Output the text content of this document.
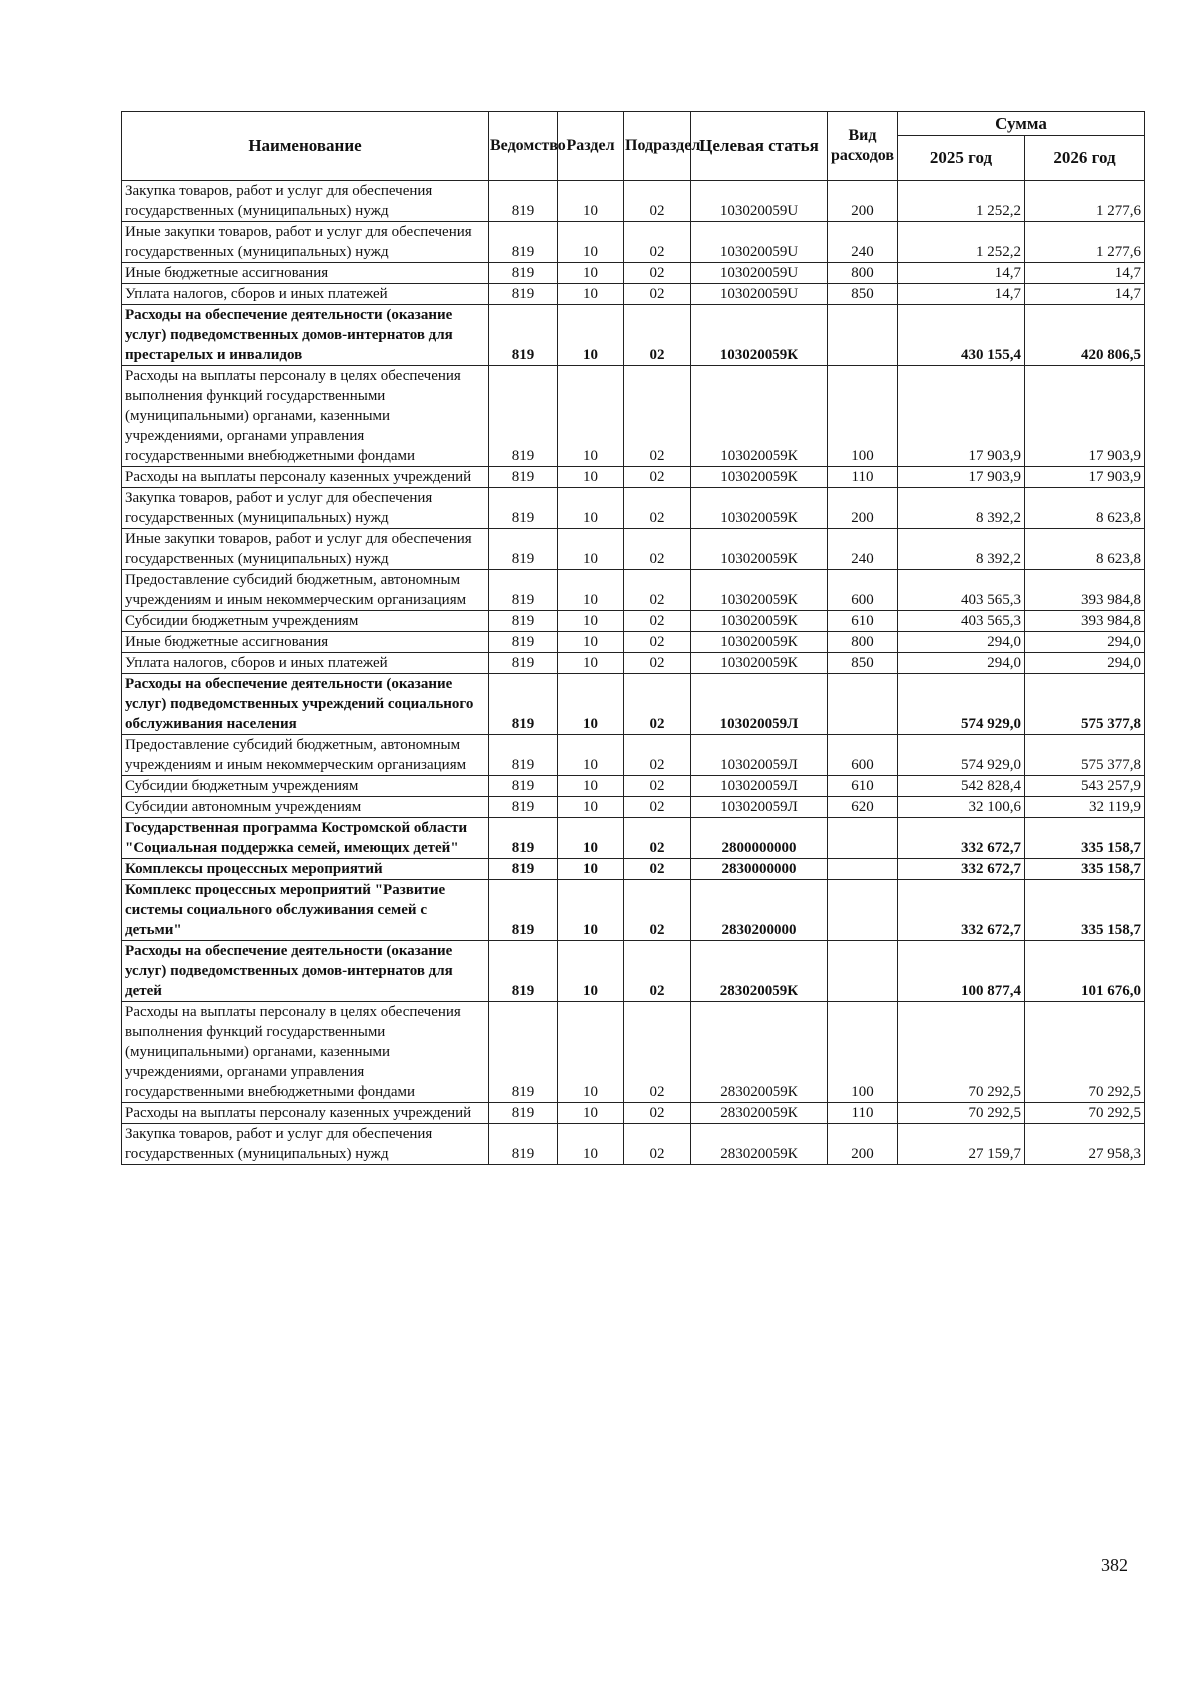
Наименование	Ведомство	Раздел	Подраздел	Целевая статья	Вид расходов	Сумма	
						2025 год	2026 год
Закупка товаров, работ и услуг для обеспечения государственных (муниципальных) нужд	819	10	02	103020059U	200	1 252,2	1 277,6
Иные закупки товаров, работ и услуг для обеспечения государственных (муниципальных) нужд	819	10	02	103020059U	240	1 252,2	1 277,6
Иные бюджетные ассигнования	819	10	02	103020059U	800	14,7	14,7
Уплата налогов, сборов и иных платежей	819	10	02	103020059U	850	14,7	14,7
Расходы на обеспечение деятельности (оказание услуг) подведомственных домов-интернатов для престарелых и инвалидов	819	10	02	103020059К		430 155,4	420 806,5
Расходы на выплаты персоналу в целях обеспечения выполнения функций государственными (муниципальными) органами, казенными учреждениями, органами управления государственными внебюджетными фондами	819	10	02	103020059К	100	17 903,9	17 903,9
Расходы на выплаты персоналу казенных учреждений	819	10	02	103020059К	110	17 903,9	17 903,9
Закупка товаров, работ и услуг для обеспечения государственных (муниципальных) нужд	819	10	02	103020059К	200	8 392,2	8 623,8
Иные закупки товаров, работ и услуг для обеспечения государственных (муниципальных) нужд	819	10	02	103020059К	240	8 392,2	8 623,8
Предоставление субсидий бюджетным, автономным учреждениям и иным некоммерческим организациям	819	10	02	103020059К	600	403 565,3	393 984,8
Субсидии бюджетным учреждениям	819	10	02	103020059К	610	403 565,3	393 984,8
Иные бюджетные ассигнования	819	10	02	103020059К	800	294,0	294,0
Уплата налогов, сборов и иных платежей	819	10	02	103020059К	850	294,0	294,0
Расходы на обеспечение деятельности (оказание услуг) подведомственных учреждений социального обслуживания населения	819	10	02	103020059Л		574 929,0	575 377,8
Предоставление субсидий бюджетным, автономным учреждениям и иным некоммерческим организациям	819	10	02	103020059Л	600	574 929,0	575 377,8
Субсидии бюджетным учреждениям	819	10	02	103020059Л	610	542 828,4	543 257,9
Субсидии автономным учреждениям	819	10	02	103020059Л	620	32 100,6	32 119,9
Государственная программа Костромской области "Социальная поддержка семей, имеющих детей"	819	10	02	2800000000		332 672,7	335 158,7
Комплексы процессных мероприятий	819	10	02	2830000000		332 672,7	335 158,7
Комплекс процессных мероприятий "Развитие системы социального обслуживания семей с детьми"	819	10	02	2830200000		332 672,7	335 158,7
Расходы на обеспечение деятельности (оказание услуг) подведомственных домов-интернатов для детей	819	10	02	283020059К		100 877,4	101 676,0
Расходы на выплаты персоналу в целях обеспечения выполнения функций государственными (муниципальными) органами, казенными учреждениями, органами управления государственными внебюджетными фондами	819	10	02	283020059К	100	70 292,5	70 292,5
Расходы на выплаты персоналу казенных учреждений	819	10	02	283020059К	110	70 292,5	70 292,5
Закупка товаров, работ и услуг для обеспечения государственных (муниципальных) нужд	819	10	02	283020059К	200	27 159,7	27 958,3
382
